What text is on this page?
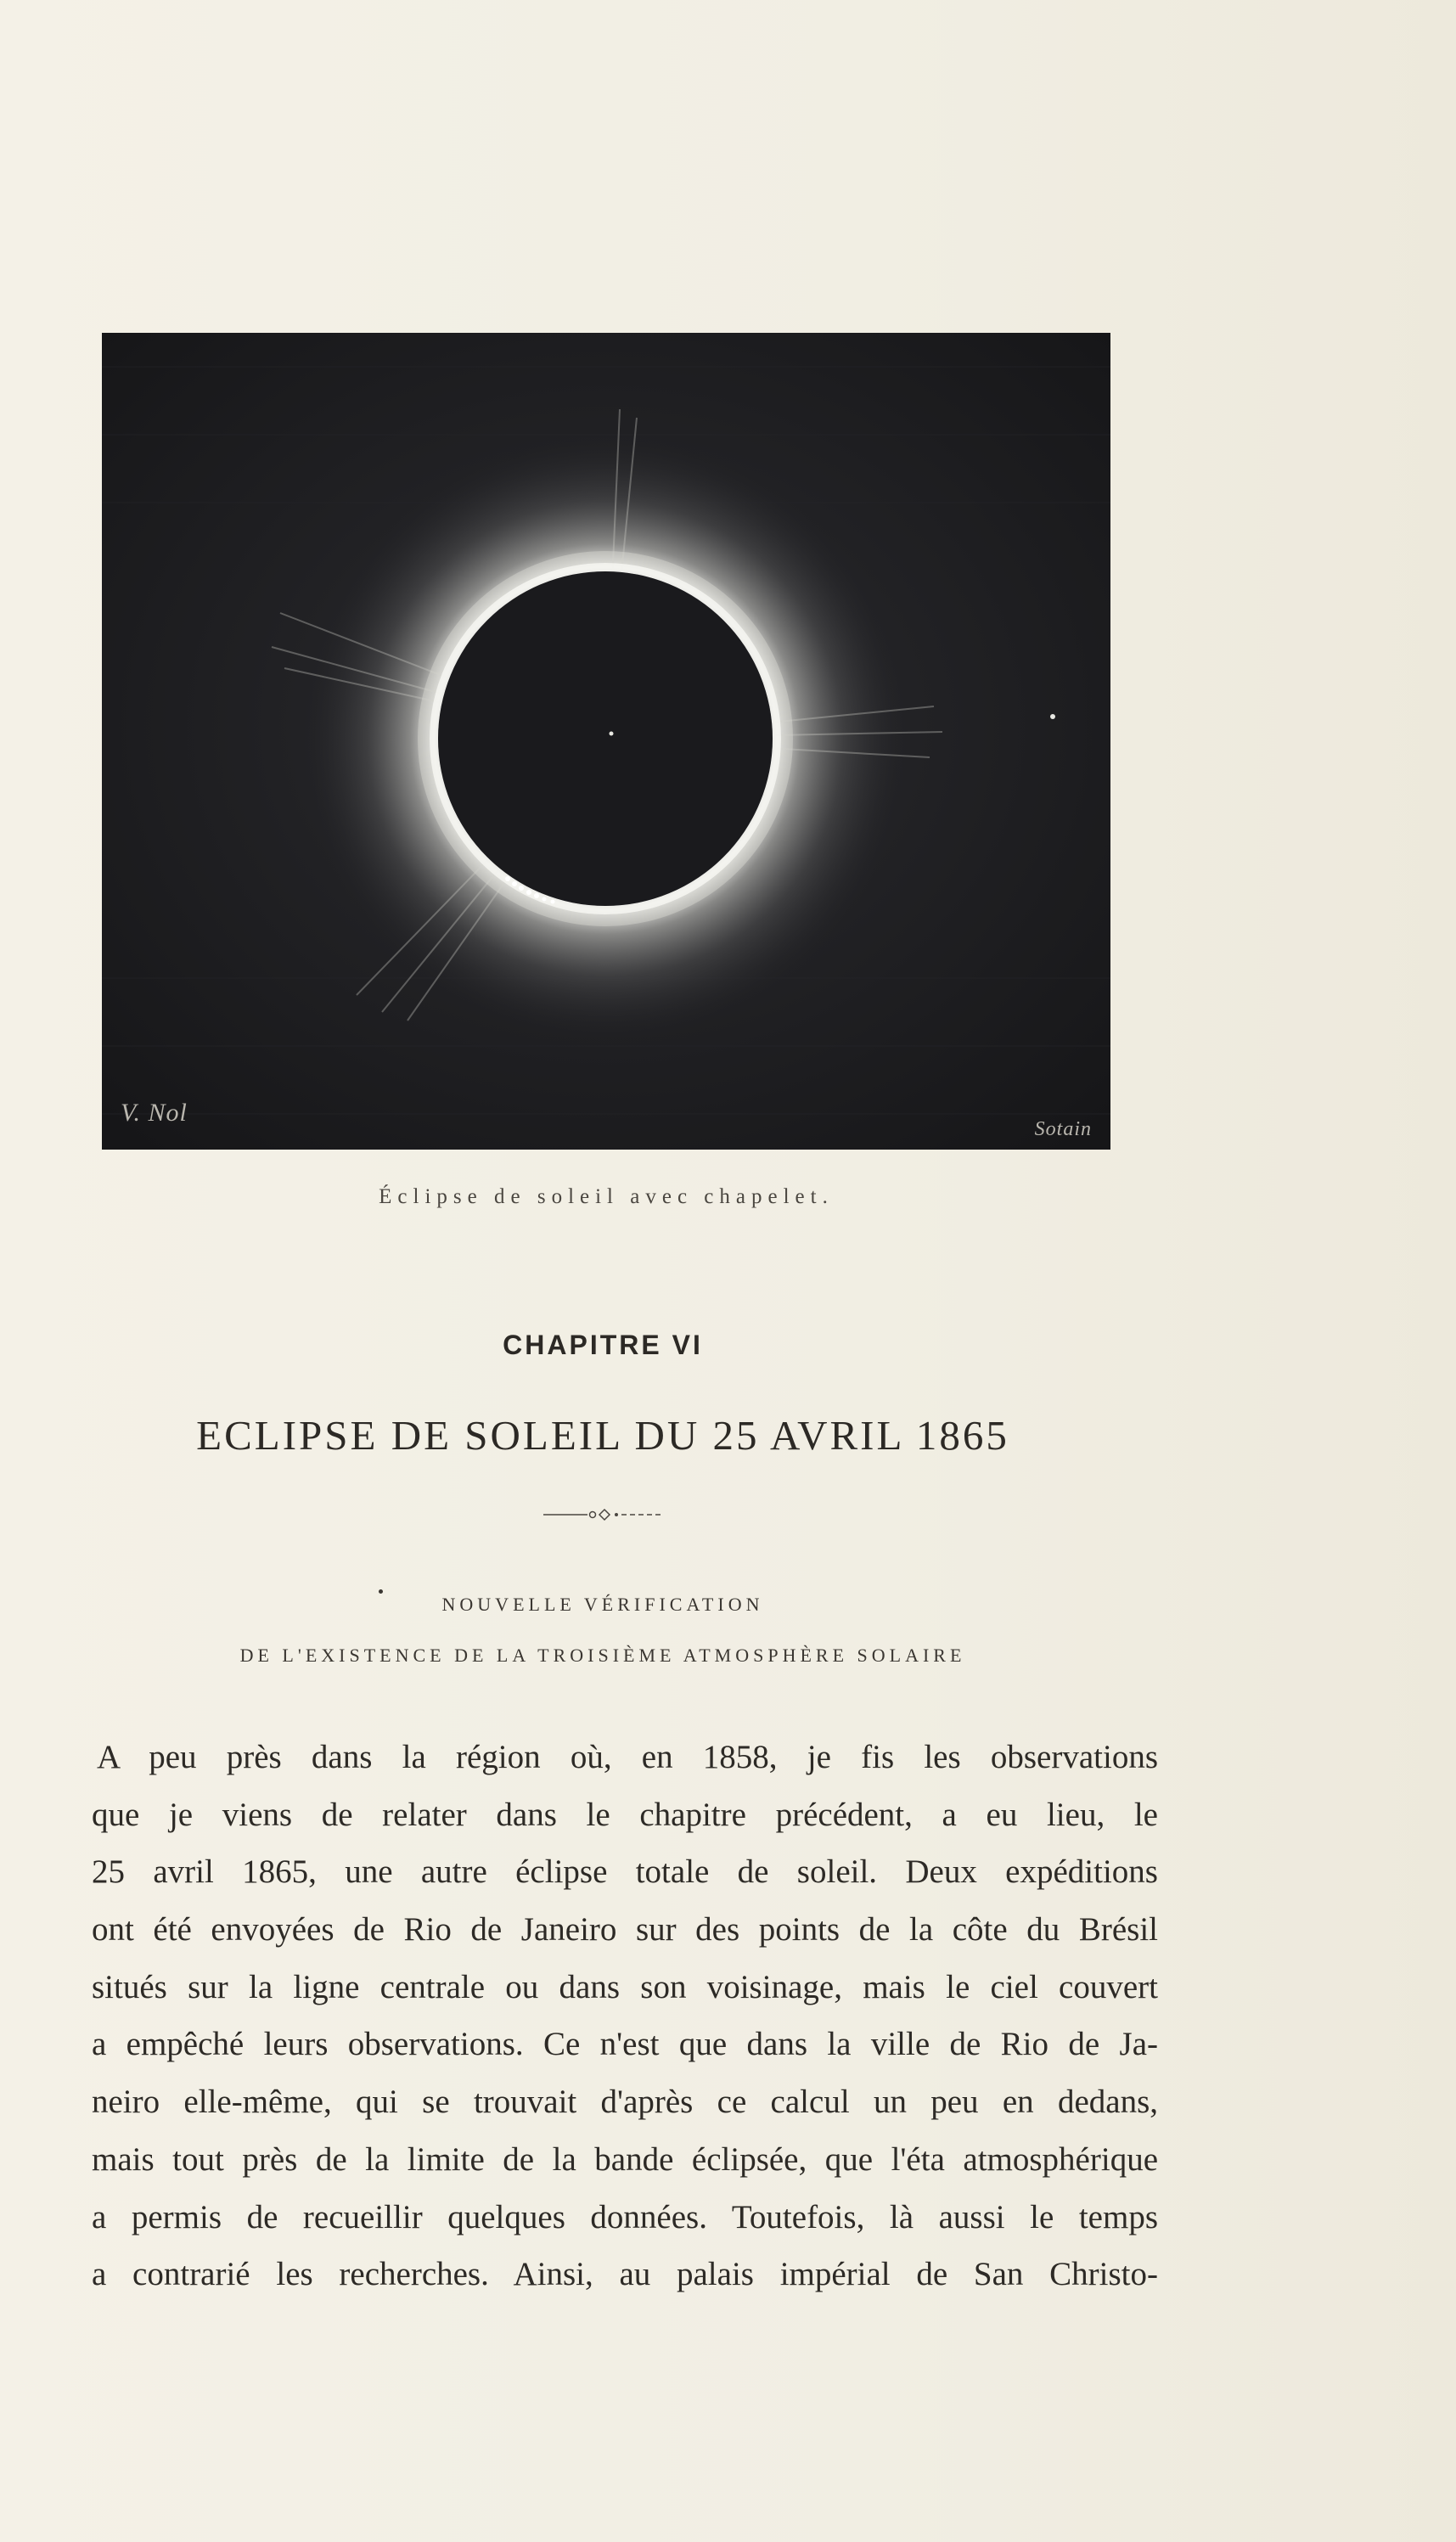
V. Nol
Sotain
Éclipse de soleil avec chapelet.
CHAPITRE VI
ECLIPSE DE SOLEIL DU 25 AVRIL 1865
NOUVELLE VÉRIFICATION
DE L'EXISTENCE DE LA TROISIÈME ATMOSPHÈRE SOLAIRE
A peu près dans la région où, en 1858, je fis les observations
que je viens de relater dans le chapitre précédent, a eu lieu, le
25 avril 1865, une autre éclipse totale de soleil. Deux expéditions
ont été envoyées de Rio de Janeiro sur des points de la côte du Brésil
situés sur la ligne centrale ou dans son voisinage, mais le ciel couvert
a empêché leurs observations. Ce n'est que dans la ville de Rio de Ja-
neiro elle-même, qui se trouvait d'après ce calcul un peu en dedans,
mais tout près de la limite de la bande éclipsée, que l'éta atmosphérique
a permis de recueillir quelques données. Toutefois, là aussi le temps
a contrarié les recherches. Ainsi, au palais impérial de San Christo-
